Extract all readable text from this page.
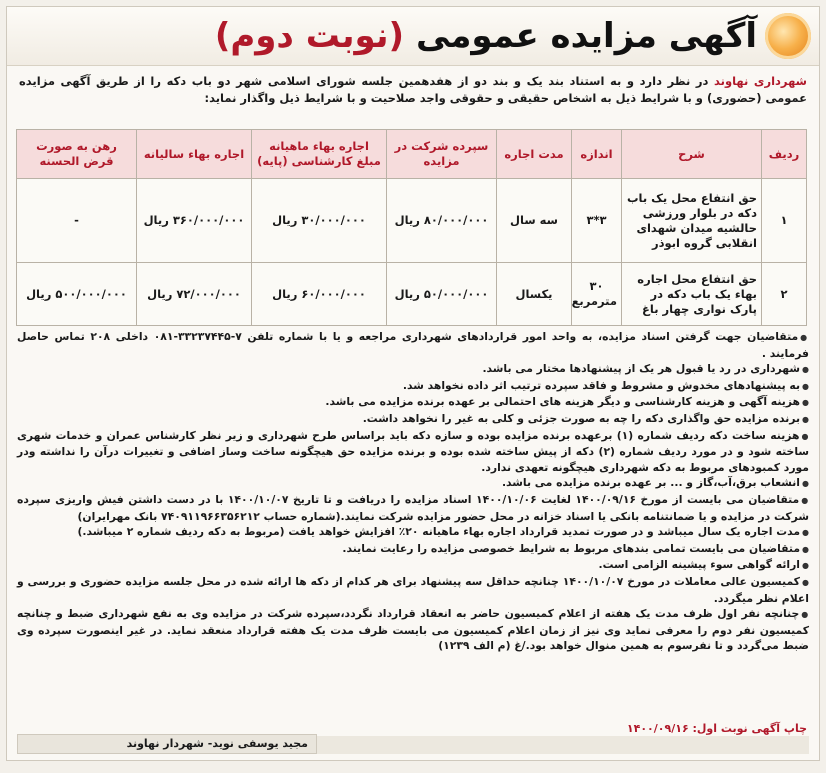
آگهی مزایده عمومی (نوبت دوم)
شهرداری نهاوند در نظر دارد و به استناد بند یک و بند دو از هفدهمین جلسه شورای اسلامی شهر دو باب دکه را از طریق آگهی مزایده عمومی (حضوری) و با شرایط ذیل به اشخاص حقیقی و حقوقی واجد صلاحیت و با شرایط ذیل واگذار نماید:
ردیف	شرح	اندازه	مدت اجاره	سپرده شرکت در مزایده	اجاره بهاء ماهیانه مبلغ کارشناسی (پایه)	اجاره بهاء سالیانه	رهن به صورت قرض الحسنه
۱	حق انتفاع محل یک باب دکه در بلوار ورزشی حالشیه میدان شهدای انقلابی گروه ابوذر	۳*۳	سه سال	۸۰/۰۰۰/۰۰۰ ریال	۳۰/۰۰۰/۰۰۰ ریال	۳۶۰/۰۰۰/۰۰۰ ریال	-
۲	حق انتفاع محل اجاره بهاء یک باب دکه در پارک نواری چهار باغ	۳۰ مترمربع	یکسال	۵۰/۰۰۰/۰۰۰ ریال	۶۰/۰۰۰/۰۰۰ ریال	۷۲/۰۰۰/۰۰۰ ریال	۵۰۰/۰۰۰/۰۰۰ ریال

● متقاضیان جهت گرفتن اسناد مزایده، به واحد امور قراردادهای شهرداری مراجعه و یا با شماره تلفن ۷-۳۳۲۳۷۴۴۵-۰۸۱ داخلی ۲۰۸ تماس حاصل فرمایند .

● شهرداری در رد یا قبول هر یک از پیشنهادها مختار می باشد.

● به پیشنهادهای مخدوش و مشروط و فاقد سپرده ترتیب اثر داده نخواهد شد.

● هزینه آگهی و هزینه کارشناسی و دیگر هزینه های احتمالی بر عهده برنده مزایده می باشد.

● برنده مزایده حق واگذاری دکه را چه به صورت جزئی و کلی به غیر را نخواهد داشت.

● هزینه ساخت دکه ردیف شماره (۱) برعهده برنده مزایده بوده و سازه دکه باید براساس طرح شهرداری و زیر نظر کارشناس عمران و خدمات شهری ساخته شود و در مورد ردیف شماره (۲) دکه از پیش ساخته شده بوده و برنده مزایده حق هیچگونه ساخت وساز اضافی و تغییرات درآن را نداشته ودر مورد کمبودهای مربوط به دکه شهرداری هیچگونه تعهدی ندارد.

● انشعاب برق،آب،گاز و ... بر عهده برنده مزایده می باشد.

● متقاضیان می بایست از مورخ ۱۴۰۰/۰۹/۱۶ لغایت ۱۴۰۰/۱۰/۰۶ اسناد مزایده را دریافت و تا تاریخ ۱۴۰۰/۱۰/۰۷ با در دست داشتن فیش واریزی سپرده شرکت در مزایده و یا ضمانتنامه بانکی یا اسناد خزانه در محل حضور مزایده شرکت نمایند.(شماره حساب ۷۴۰۹۱۱۹۶۶۳۵۶۲۱۲ بانک مهرایران)

● مدت اجاره یک سال میباشد و در صورت تمدید قرارداد اجاره بهاء ماهیانه ۲۰٪ افزایش خواهد یافت (مربوط به دکه ردیف شماره ۲ میباشد.)

● متقاضیان می بایست تمامی بندهای مربوط به شرایط خصوصی مزایده را رعایت نمایند.

● ارائه گواهی سوء پیشینه الزامی است.

● کمیسیون عالی معاملات در مورخ ۱۴۰۰/۱۰/۰۷ چنانچه حداقل سه پیشنهاد برای هر کدام از دکه ها ارائه شده در محل جلسه مزایده حضوری و بررسی و اعلام نظر میگردد.

● چنانچه نفر اول ظرف مدت یک هفته از اعلام کمیسیون حاضر به انعقاد قرارداد نگردد،سپرده شرکت در مزایده وی به نفع شهرداری ضبط و چنانچه کمیسیون نفر دوم را معرفی نماید وی نیز از زمان اعلام کمیسیون می بایست ظرف مدت یک هفته قرارداد منعقد نماید. در غیر اینصورت سپرده وی ضبط می‌گردد و تا نفرسوم به همین منوال خواهد بود./غ (م الف ۱۲۳۹)

چاپ آگهی نوبت اول: ۱۴۰۰/۰۹/۱۶
مجید یوسفی نوید- شهردار نهاوند
